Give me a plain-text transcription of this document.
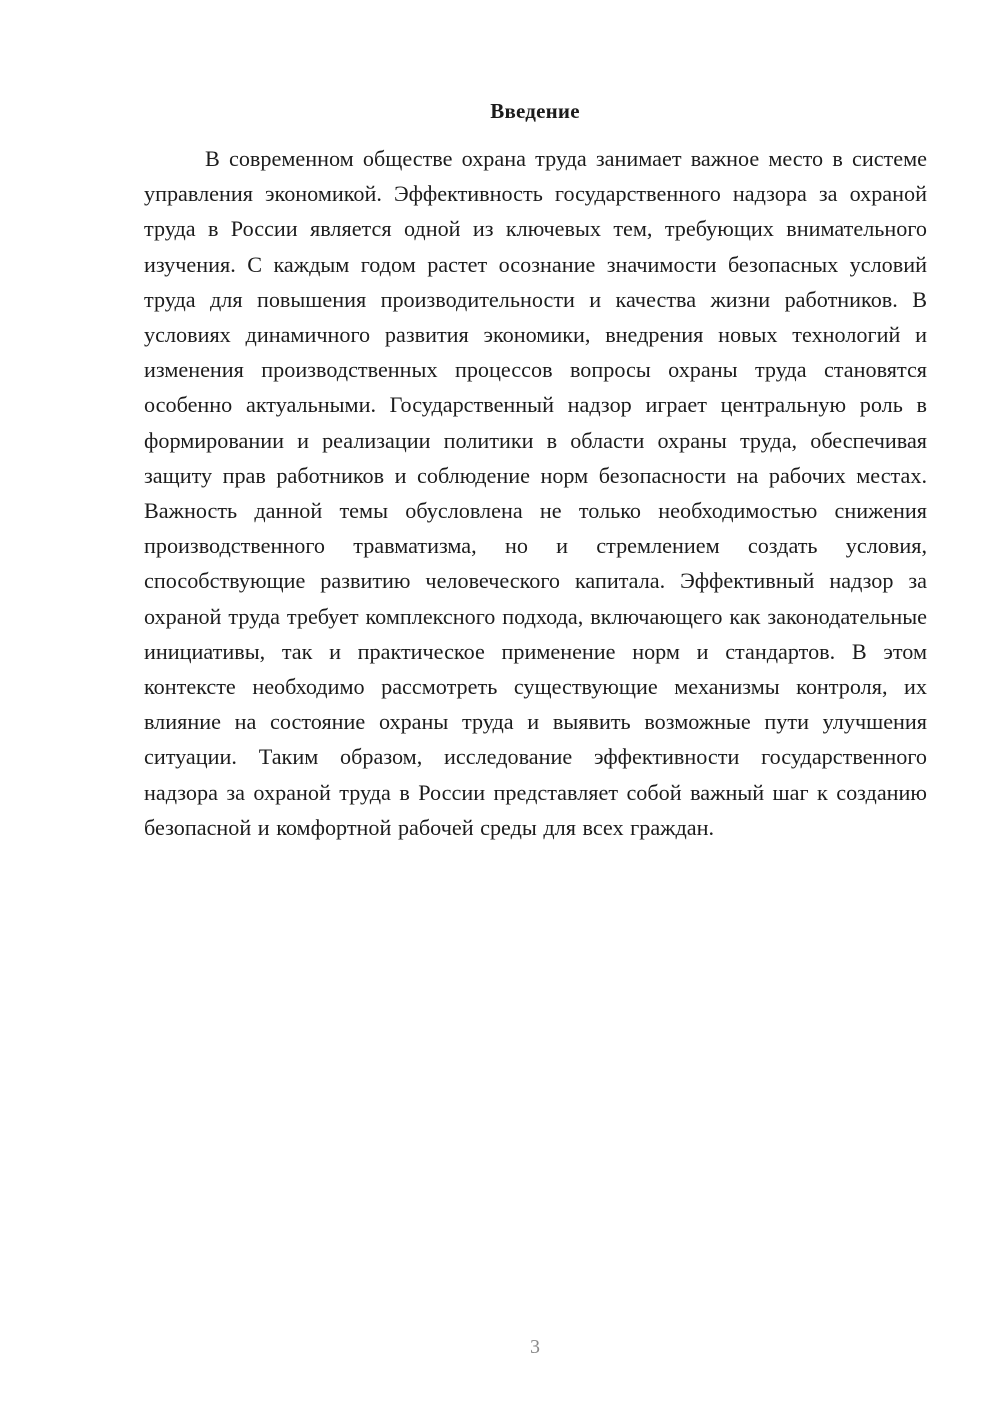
Введение

В современном обществе охрана труда занимает важное место в системе управления экономикой. Эффективность государственного надзора за охраной труда в России является одной из ключевых тем, требующих внимательного изучения. С каждым годом растет осознание значимости безопасных условий труда для повышения производительности и качества жизни работников. В условиях динамичного развития экономики, внедрения новых технологий и изменения производственных процессов вопросы охраны труда становятся особенно актуальными. Государственный надзор играет центральную роль в формировании и реализации политики в области охраны труда, обеспечивая защиту прав работников и соблюдение норм безопасности на рабочих местах. Важность данной темы обусловлена не только необходимостью снижения производственного травматизма, но и стремлением создать условия, способствующие развитию человеческого капитала. Эффективный надзор за охраной труда требует комплексного подхода, включающего как законодательные инициативы, так и практическое применение норм и стандартов. В этом контексте необходимо рассмотреть существующие механизмы контроля, их влияние на состояние охраны труда и выявить возможные пути улучшения ситуации. Таким образом, исследование эффективности государственного надзора за охраной труда в России представляет собой важный шаг к созданию безопасной и комфортной рабочей среды для всех граждан.

3
